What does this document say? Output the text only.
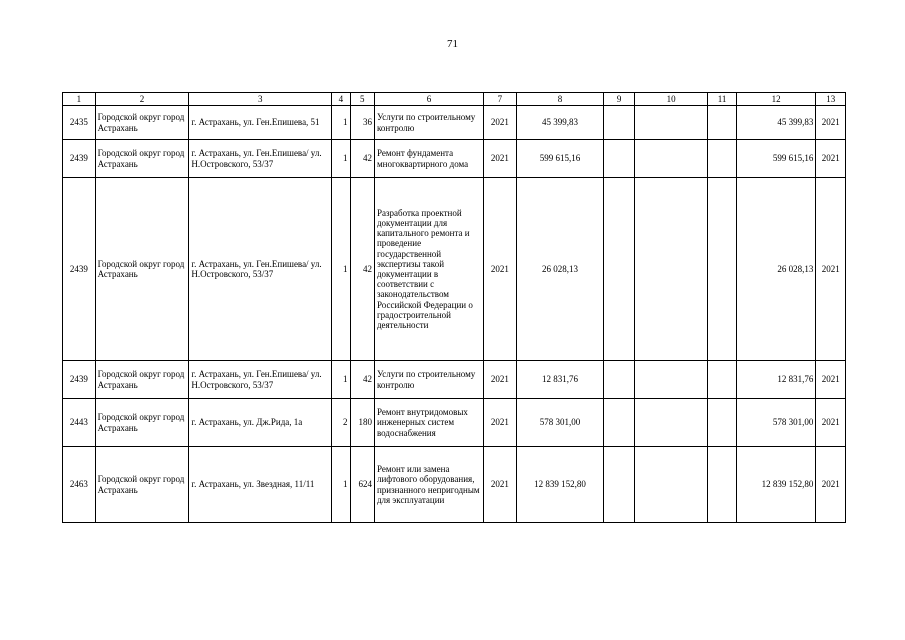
71
1	2	3	4	5	6	7	8	9	10	11	12	13
2435	Городской округ город Астрахань	г. Астрахань, ул. Ген.Епишева, 51	1	36	Услуги по строительному контролю	2021	45 399,83				45 399,83	2021
2439	Городской округ город Астрахань	г. Астрахань, ул. Ген.Епишева/ ул. Н.Островского, 53/37	1	42	Ремонт фундамента многоквартирного дома	2021	599 615,16				599 615,16	2021
2439	Городской округ город Астрахань	г. Астрахань, ул. Ген.Епишева/ ул. Н.Островского, 53/37	1	42	Разработка проектной документации для капитального ремонта и проведение государственной экспертизы такой документации в соответствии с законодательством Российской Федерации о градостроительной деятельности	2021	26 028,13				26 028,13	2021
2439	Городской округ город Астрахань	г. Астрахань, ул. Ген.Епишева/ ул. Н.Островского, 53/37	1	42	Услуги по строительному контролю	2021	12 831,76				12 831,76	2021
2443	Городской округ город Астрахань	г. Астрахань, ул. Дж.Рида, 1а	2	180	Ремонт внутридомовых инженерных систем водоснабжения	2021	578 301,00				578 301,00	2021
2463	Городской округ город Астрахань	г. Астрахань, ул. Звездная, 11/11	1	624	Ремонт или замена лифтового оборудования, признанного непригодным для эксплуатации	2021	12 839 152,80				12 839 152,80	2021
